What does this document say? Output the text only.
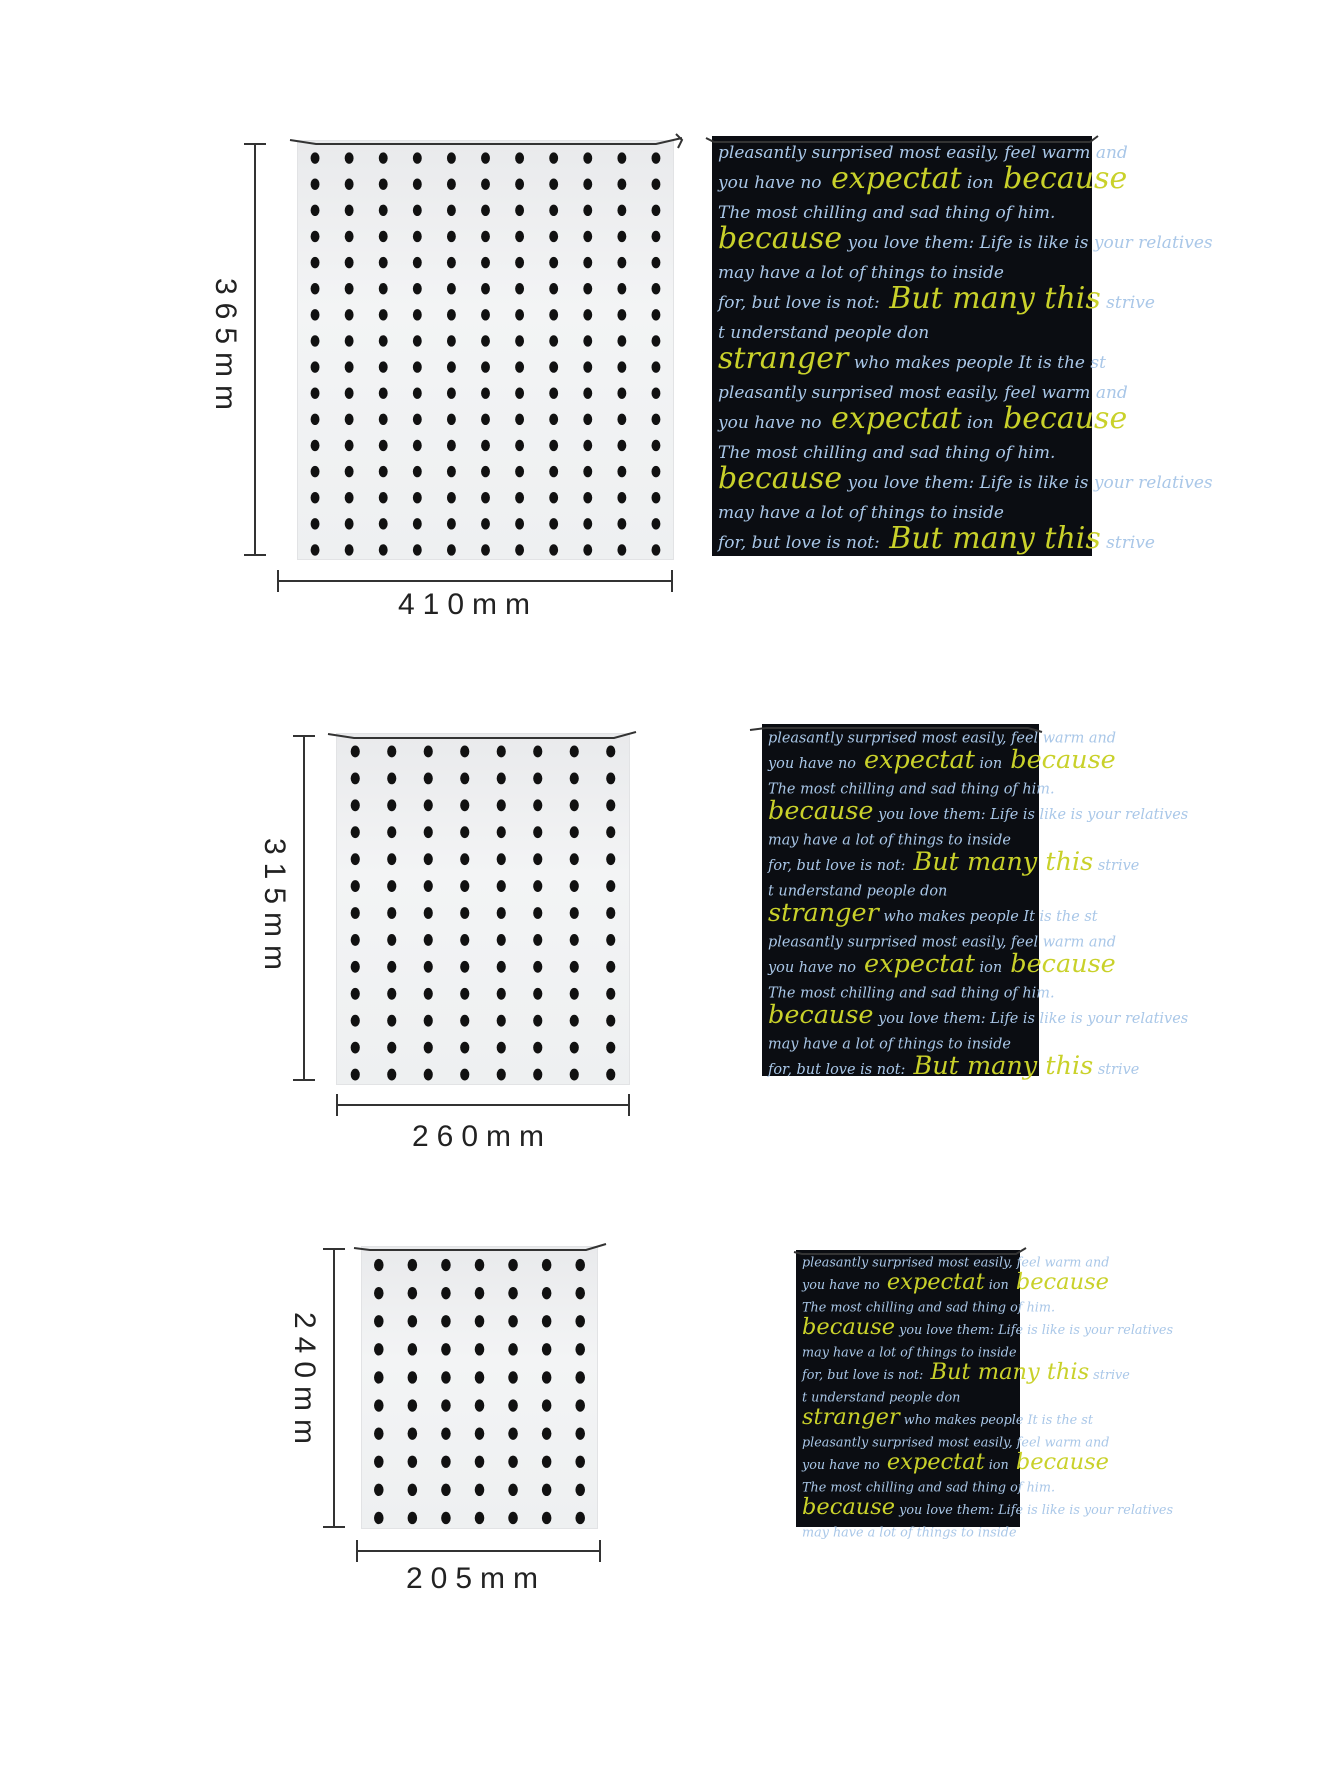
365mm
pleasantly surprised most easily, feel warm and
you have no expectat ion because
The most chilling and sad thing of him.
because you love them: Life is like is your relatives
may have a lot of things to inside
for, but love is not: But many this strive
t understand people don
stranger who makes people It is the st
pleasantly surprised most easily, feel warm and
you have no expectat ion because
The most chilling and sad thing of him.
because you love them: Life is like is your relatives
may have a lot of things to inside
for, but love is not: But many this strive
410mm
315mm
pleasantly surprised most easily, feel warm and
you have no expectat ion because
The most chilling and sad thing of him.
because you love them: Life is like is your relatives
may have a lot of things to inside
for, but love is not: But many this strive
t understand people don
stranger who makes people It is the st
pleasantly surprised most easily, feel warm and
you have no expectat ion because
The most chilling and sad thing of him.
because you love them: Life is like is your relatives
may have a lot of things to inside
for, but love is not: But many this strive
260mm
240mm
pleasantly surprised most easily, feel warm and
you have no expectat ion because
The most chilling and sad thing of him.
because you love them: Life is like is your relatives
may have a lot of things to inside
for, but love is not: But many this strive
t understand people don
stranger who makes people It is the st
pleasantly surprised most easily, feel warm and
you have no expectat ion because
The most chilling and sad thing of him.
because you love them: Life is like is your relatives
may have a lot of things to inside
205mm
